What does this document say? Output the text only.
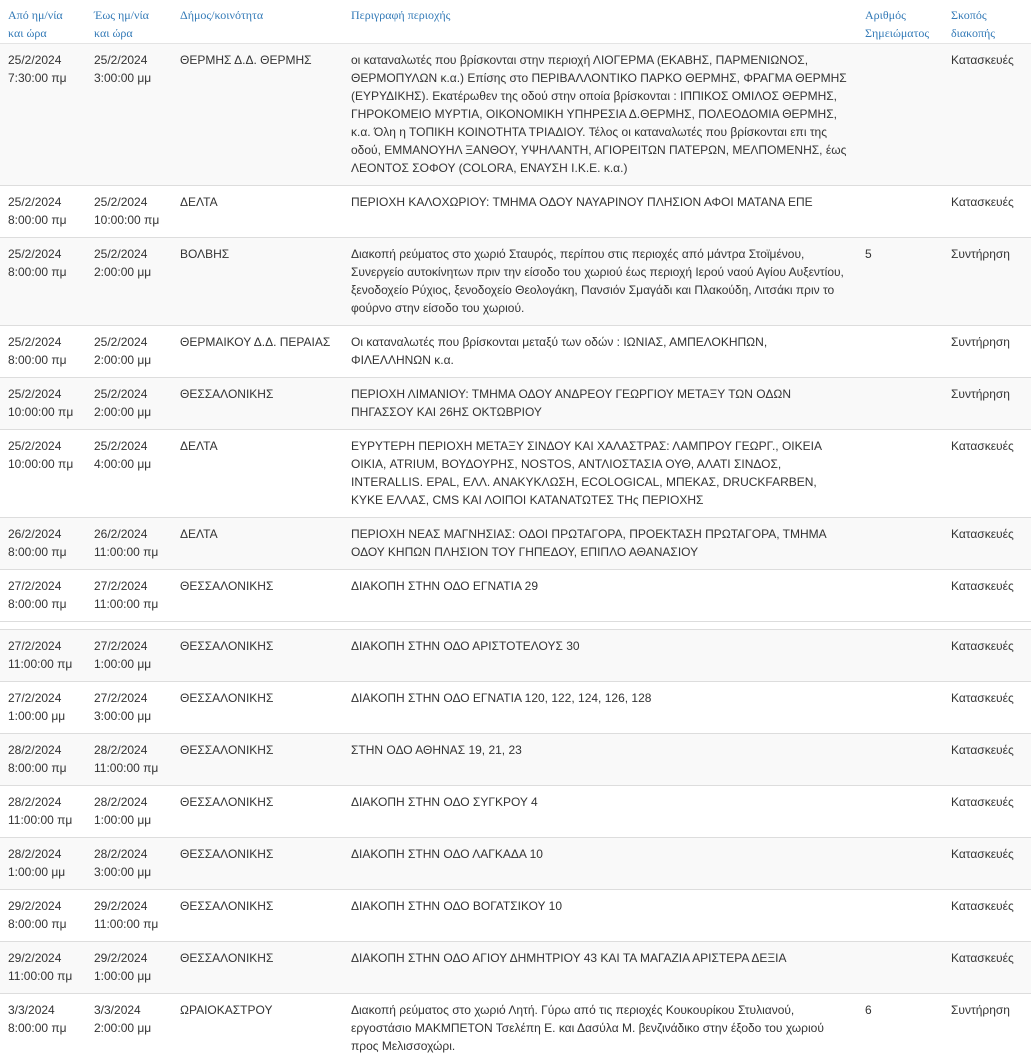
Από ημ/νία
και ώρα	Έως ημ/νία
και ώρα	Δήμος/κοινότητα	Περιγραφή περιοχής	Αριθμός
Σημειώματος	Σκοπός
διακοπής

25/2/2024
7:30:00 πμ	25/2/2024
3:00:00 μμ	ΘΕΡΜΗΣ Δ.Δ. ΘΕΡΜΗΣ	οι καταναλωτές που βρίσκονται στην περιοχή ΛΙΟΓΕΡΜΑ (ΕΚΑΒΗΣ, ΠΑΡΜΕΝΙΩΝΟΣ, ΘΕΡΜΟΠΥΛΩΝ κ.α.) Επίσης στο ΠΕΡΙΒΑΛΛΟΝΤΙΚΟ ΠΑΡΚΟ ΘΕΡΜΗΣ, ΦΡΑΓΜΑ ΘΕΡΜΗΣ (ΕΥΡΥΔΙΚΗΣ). Εκατέρωθεν της οδού στην οποία βρίσκονται : ΙΠΠΙΚΟΣ ΟΜΙΛΟΣ ΘΕΡΜΗΣ, ΓΗΡΟΚΟΜΕΙΟ ΜΥΡΤΙΑ, ΟΙΚΟΝΟΜΙΚΗ ΥΠΗΡΕΣΙΑ Δ.ΘΕΡΜΗΣ, ΠΟΛΕΟΔΟΜΙΑ ΘΕΡΜΗΣ, κ.α. Όλη η ΤΟΠΙΚΗ ΚΟΙΝΟΤΗΤΑ ΤΡΙΑΔΙΟΥ. Τέλος οι καταναλωτές που βρίσκονται επι της οδού, ΕΜΜΑΝΟΥΗΛ ΞΑΝΘΟΥ, ΥΨΗΛΑΝΤΗ, ΑΓΙΟΡΕΙΤΩΝ ΠΑΤΕΡΩΝ, ΜΕΛΠΟΜΕΝΗΣ, έως ΛΕΟΝΤΟΣ ΣΟΦΟΥ (COLORA, ΕΝΑΥΣΗ Ι.Κ.Ε. κ.α.)		Κατασκευές

25/2/2024
8:00:00 πμ	25/2/2024
10:00:00 πμ	ΔΕΛΤΑ	ΠΕΡΙΟΧΗ ΚΑΛΟΧΩΡΙΟΥ: ΤΜΗΜΑ ΟΔΟΥ ΝΑΥΑΡΙΝΟΥ ΠΛΗΣΙΟΝ ΑΦΟΙ ΜΑΤΑΝΑ ΕΠΕ		Κατασκευές

25/2/2024
8:00:00 πμ	25/2/2024
2:00:00 μμ	ΒΟΛΒΗΣ	Διακοπή ρεύματος στο χωριό Σταυρός, περίπου στις περιοχές από μάντρα Στοϊμένου, Συνεργείο αυτοκίνητων πριν την είσοδο του χωριού έως περιοχή Ιερού ναού Αγίου Αυξεντίου, ξενοδοχείο Ρύχιος, ξενοδοχείο Θεολογάκη, Πανσιόν Σμαγάδι και Πλακούδη, Λιτσάκι πριν το φούρνο στην είσοδο του χωριού.	5	Συντήρηση

25/2/2024
8:00:00 πμ	25/2/2024
2:00:00 μμ	ΘΕΡΜΑΙΚΟΥ Δ.Δ. ΠΕΡΑΙΑΣ	Οι καταναλωτές που βρίσκονται μεταξύ των οδών : ΙΩΝΙΑΣ, ΑΜΠΕΛΟΚΗΠΩΝ, ΦΙΛΕΛΛΗΝΩΝ κ.α.		Συντήρηση

25/2/2024
10:00:00 πμ	25/2/2024
2:00:00 μμ	ΘΕΣΣΑΛΟΝΙΚΗΣ	ΠΕΡΙΟΧΗ ΛΙΜΑΝΙΟΥ: ΤΜΗΜΑ ΟΔΟΥ ΑΝΔΡΕΟΥ ΓΕΩΡΓΙΟΥ ΜΕΤΑΞΥ ΤΩΝ ΟΔΩΝ ΠΗΓΑΣΣΟΥ ΚΑΙ 26ΗΣ ΟΚΤΩΒΡΙΟΥ		Συντήρηση

25/2/2024
10:00:00 πμ	25/2/2024
4:00:00 μμ	ΔΕΛΤΑ	ΕΥΡΥΤΕΡΗ ΠΕΡΙΟΧΗ ΜΕΤΑΞΥ ΣΙΝΔΟΥ ΚΑΙ ΧΑΛΑΣΤΡΑΣ: ΛΑΜΠΡΟΥ ΓΕΩΡΓ., ΟΙΚΕΙΑ ΟΙΚΙΑ, ATRIUM, ΒΟΥΔΟΥΡΗΣ, NOSTOS, ΑΝΤΛΙΟΣΤΑΣΙΑ ΟΥΘ, ΑΛΑΤΙ ΣΙΝΔΟΣ, INTERALLIS. EPAL, ΕΛΛ. ΑΝΑΚΥΚΛΩΣΗ, ECOLOGICAL, ΜΠΕΚΑΣ, DRUCKFARBEN, ΚΥΚΕ ΕΛΛΑΣ, CMS ΚΑΙ ΛΟΙΠΟΙ ΚΑΤΑΝΑΤΩΤΕΣ ΤΗς ΠΕΡΙΟΧΗΣ		Κατασκευές

26/2/2024
8:00:00 πμ	26/2/2024
11:00:00 πμ	ΔΕΛΤΑ	ΠΕΡΙΟΧΗ ΝΕΑΣ ΜΑΓΝΗΣΙΑΣ: ΟΔΟΙ ΠΡΩΤΑΓΟΡΑ, ΠΡΟΕΚΤΑΣΗ ΠΡΩΤΑΓΟΡΑ, ΤΜΗΜΑ ΟΔΟΥ ΚΗΠΩΝ ΠΛΗΣΙΟΝ ΤΟΥ ΓΗΠΕΔΟΥ, ΕΠΙΠΛΟ ΑΘΑΝΑΣΙΟΥ		Κατασκευές

27/2/2024
8:00:00 πμ	27/2/2024
11:00:00 πμ	ΘΕΣΣΑΛΟΝΙΚΗΣ	ΔΙΑΚΟΠΗ ΣΤΗΝ ΟΔΟ ΕΓΝΑΤΙΑ 29		Κατασκευές

27/2/2024
11:00:00 πμ	27/2/2024
1:00:00 μμ	ΘΕΣΣΑΛΟΝΙΚΗΣ	ΔΙΑΚΟΠΗ ΣΤΗΝ ΟΔΟ ΑΡΙΣΤΟΤΕΛΟΥΣ 30		Κατασκευές

27/2/2024
1:00:00 μμ	27/2/2024
3:00:00 μμ	ΘΕΣΣΑΛΟΝΙΚΗΣ	ΔΙΑΚΟΠΗ ΣΤΗΝ ΟΔΟ ΕΓΝΑΤΙΑ 120, 122, 124, 126, 128		Κατασκευές

28/2/2024
8:00:00 πμ	28/2/2024
11:00:00 πμ	ΘΕΣΣΑΛΟΝΙΚΗΣ	ΣΤΗΝ ΟΔΟ ΑΘΗΝΑΣ 19, 21, 23		Κατασκευές

28/2/2024
11:00:00 πμ	28/2/2024
1:00:00 μμ	ΘΕΣΣΑΛΟΝΙΚΗΣ	ΔΙΑΚΟΠΗ ΣΤΗΝ ΟΔΟ ΣΥΓΚΡΟΥ 4		Κατασκευές

28/2/2024
1:00:00 μμ	28/2/2024
3:00:00 μμ	ΘΕΣΣΑΛΟΝΙΚΗΣ	ΔΙΑΚΟΠΗ ΣΤΗΝ ΟΔΟ ΛΑΓΚΑΔΑ 10		Κατασκευές

29/2/2024
8:00:00 πμ	29/2/2024
11:00:00 πμ	ΘΕΣΣΑΛΟΝΙΚΗΣ	ΔΙΑΚΟΠΗ ΣΤΗΝ ΟΔΟ ΒΟΓΑΤΣΙΚΟΥ 10		Κατασκευές

29/2/2024
11:00:00 πμ	29/2/2024
1:00:00 μμ	ΘΕΣΣΑΛΟΝΙΚΗΣ	ΔΙΑΚΟΠΗ ΣΤΗΝ ΟΔΟ ΑΓΙΟΥ ΔΗΜΗΤΡΙΟΥ 43 ΚΑΙ ΤΑ ΜΑΓΑΖΙΑ ΑΡΙΣΤΕΡΑ ΔΕΞΙΑ		Κατασκευές

3/3/2024
8:00:00 πμ	3/3/2024
2:00:00 μμ	ΩΡΑΙΟΚΑΣΤΡΟΥ	Διακοπή ρεύματος στο χωριό Λητή. Γύρω από τις περιοχές Κουκουρίκου Στυλιανού, εργοστάσιο ΜΑΚΜΠΕΤΟΝ Τσελέπη Ε. και Δασύλα Μ. βενζινάδικο στην έξοδο του χωριού προς Μελισσοχώρι.	6	Συντήρηση
